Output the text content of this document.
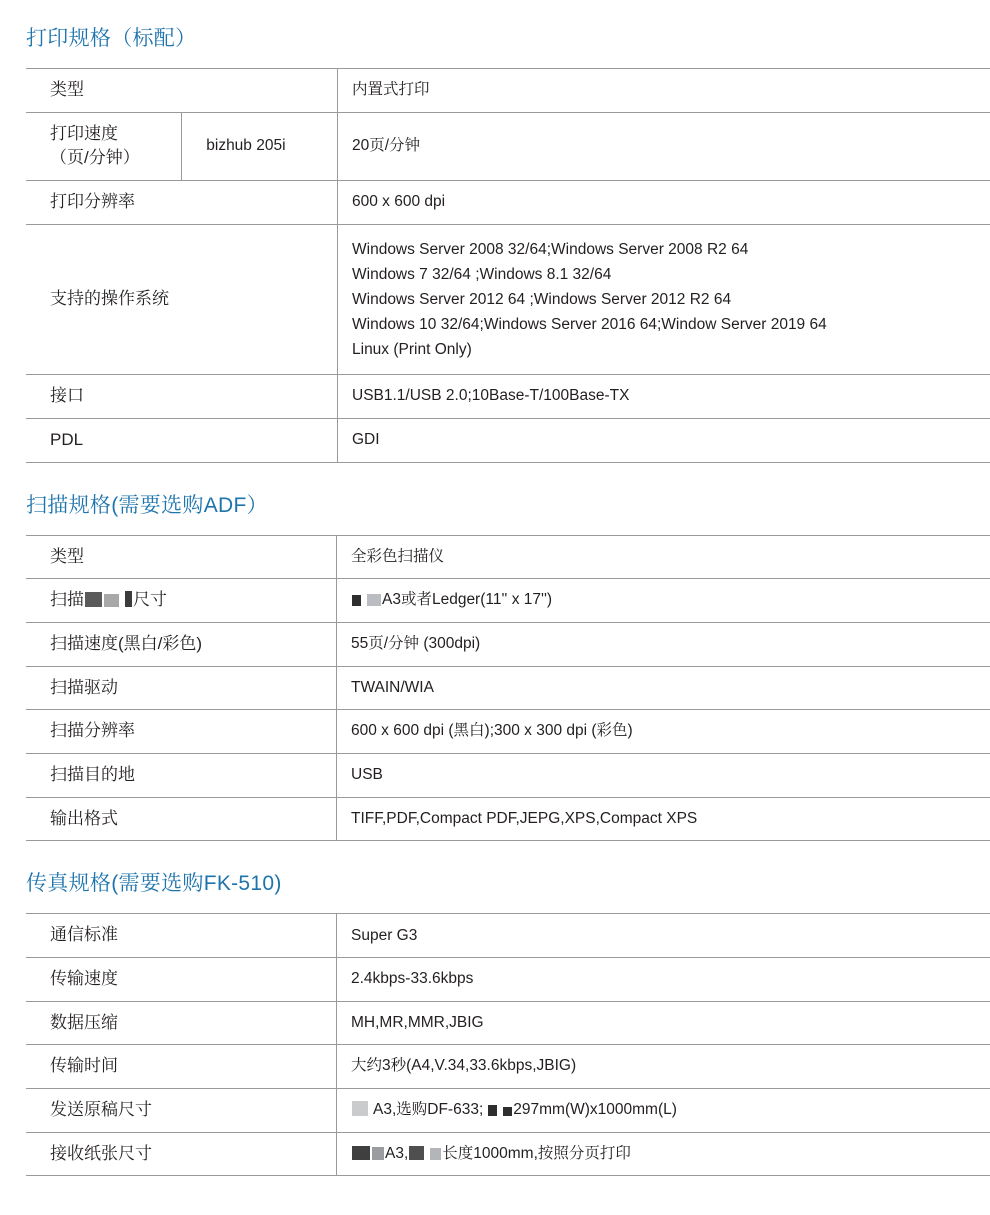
打印规格（标配）
类型		内置式打印

打印速度
（页/分钟）	bizhub 205i	20页/分钟
打印分辨率		600 x 600 dpi
支持的操作系统		Windows Server 2008 32/64;Windows Server 2008 R2 64
Windows 7 32/64 ;Windows 8.1 32/64
Windows Server 2012 64 ;Windows Server 2012 R2 64
Windows 10 32/64;Windows Server 2016 64;Window Server 2019 64
Linux (Print Only)

接口		USB1.1/USB 2.0;10Base-T/100Base-TX
PDL		GDI
扫描规格(需要选购ADF）
类型	全彩色扫描仪
扫描 尺寸	A3或者Ledger(11'' x 17'')
扫描速度(黑白/彩色)	55页/分钟 (300dpi)
扫描驱动	TWAIN/WIA
扫描分辨率	600 x 600 dpi (黑白);300 x 300 dpi (彩色)
扫描目的地	USB
输出格式	TIFF,PDF,Compact PDF,JEPG,XPS,Compact XPS
传真规格(需要选购FK-510)
通信标准	Super G3
传输速度	2.4kbps-33.6kbps
数据压缩	MH,MR,MMR,JBIG
传输时间	大约3秒(A4,V.34,33.6kbps,JBIG)
发送原稿尺寸	A3,选购DF-633; 297mm(W)x1000mm(L)
接收纸张尺寸	A3, 长度1000mm,按照分页打印
